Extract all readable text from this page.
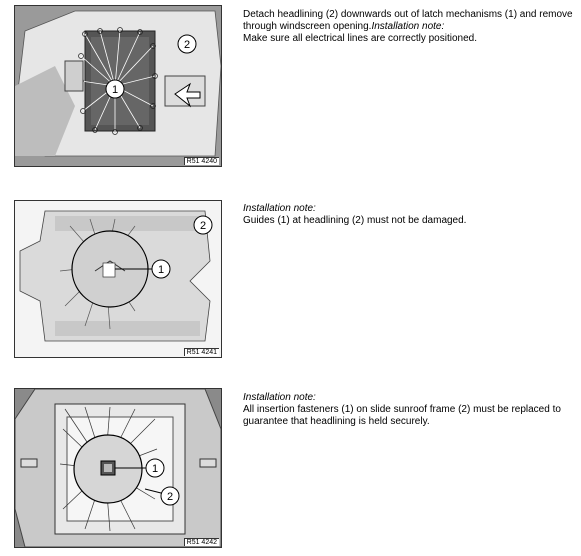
1
2
R51 4240

Detach headlining (2) downwards out of latch mechanisms (1) and remove through windscreen opening.Installation note:

Make sure all electrical lines are correctly positioned.

1
2
R51 4241

Installation note:

Guides (1) at headlining (2) must not be damaged.

1
2
R51 4242

Installation note:

All insertion fasteners (1) on slide sunroof frame (2) must be replaced to guarantee that headlining is held securely.
